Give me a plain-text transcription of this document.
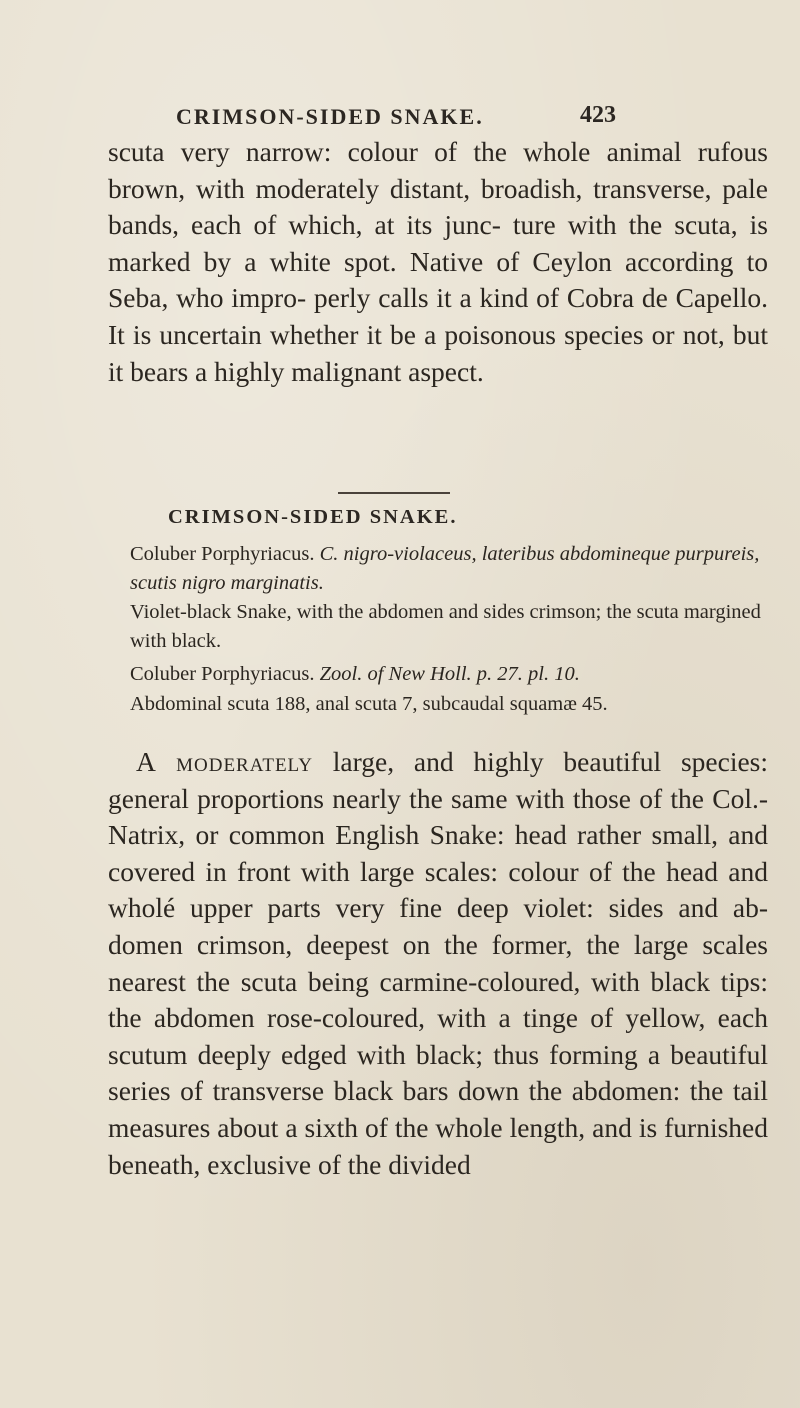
CRIMSON-SIDED SNAKE.	423

scuta very narrow: colour of the whole animal rufous brown, with moderately distant, broadish, transverse, pale bands, each of which, at its junc- ture with the scuta, is marked by a white spot. Native of Ceylon according to Seba, who impro- perly calls it a kind of Cobra de Capello. It is uncertain whether it be a poisonous species or not, but it bears a highly malignant aspect.

CRIMSON-SIDED SNAKE.

Coluber Porphyriacus. C. nigro-violaceus, lateribus abdomineque purpureis, scutis nigro marginatis.

Violet-black Snake, with the abdomen and sides crimson; the scuta margined with black.

Coluber Porphyriacus. Zool. of New Holl. p. 27. pl. 10.

Abdominal scuta 188, anal scuta 7, subcaudal squamæ 45.

A moderately large, and highly beautiful species: general proportions nearly the same with those of the Col.- Natrix, or common English Snake: head rather small, and covered in front with large scales: colour of the head and wholé upper parts very fine deep violet: sides and ab- domen crimson, deepest on the former, the large scales nearest the scuta being carmine-coloured, with black tips: the abdomen rose-coloured, with a tinge of yellow, each scutum deeply edged with black; thus forming a beautiful series of transverse black bars down the abdomen: the tail measures about a sixth of the whole length, and is furnished beneath, exclusive of the divided
